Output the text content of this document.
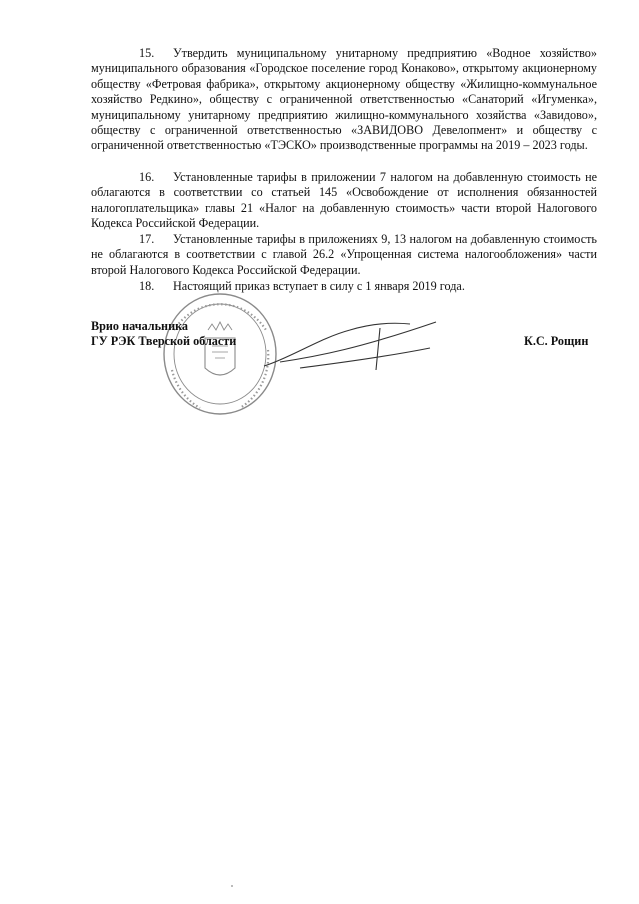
15. Утвердить муниципальному унитарному предприятию «Водное хозяйство» муниципального образования «Городское поселение город Конаково», открытому акционерному обществу «Фетровая фабрика», открытому акционерному обществу «Жилищно-коммунальное хозяйство Редкино», обществу с ограниченной ответственностью «Санаторий «Игуменка», муниципальному унитарному предприятию жилищно-коммунального хозяйства «Завидово», обществу с ограниченной ответственностью «ЗАВИДОВО Девелопмент» и обществу с ограниченной ответственностью «ТЭСКО» производственные программы на 2019 – 2023 годы.

16. Установленные тарифы в приложении 7 налогом на добавленную стоимость не облагаются в соответствии со статьей 145 «Освобождение от исполнения обязанностей налогоплательщика» главы 21 «Налог на добавленную стоимость» части второй Налогового Кодекса Российской Федерации.

17. Установленные тарифы в приложениях 9, 13 налогом на добавленную стоимость не облагаются в соответствии с главой 26.2 «Упрощенная система налогообложения» части второй Налогового Кодекса Российской Федерации.

18. Настоящий приказ вступает в силу с 1 января 2019 года.

Врио начальника
ГУ РЭК Тверской области	К.С. Рощин
